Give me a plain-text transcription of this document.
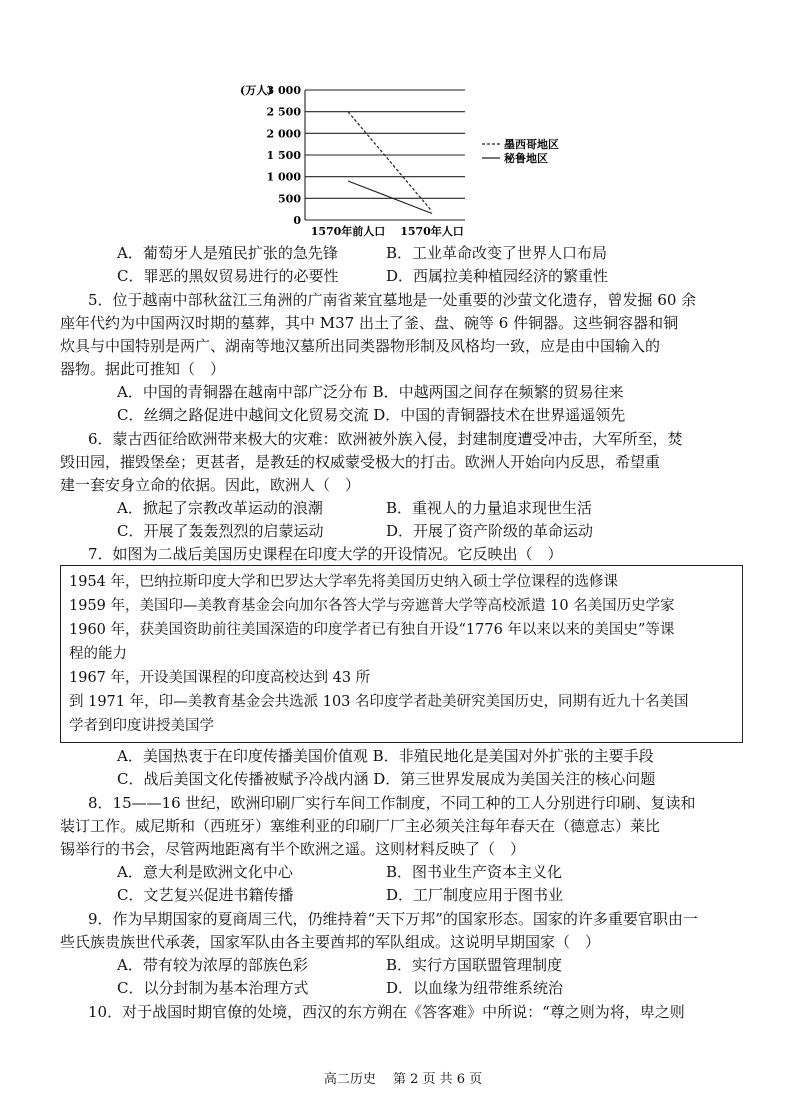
(万人)
3 000
2 500
2 000
1 500
1 000
500
0
1570年前人口 1570年人口
墨西哥地区
秘鲁地区
A．葡萄牙人是殖民扩张的急先锋	B．工业革命改变了世界人口布局
C．罪恶的黑奴贸易进行的必要性	D．西属拉美种植园经济的繁重性
5．位于越南中部秋盆江三角洲的广南省莱宜墓地是一处重要的沙萤文化遗存，曾发掘 60 余
座年代约为中国两汉时期的墓葬，其中 M37 出土了釜、盘、碗等 6 件铜器。这些铜容器和铜
炊具与中国特别是两广、湖南等地汉墓所出同类器物形制及风格均一致，应是由中国输入的
器物。据此可推知（　）
A．中国的青铜器在越南中部广泛分布 B．中越两国之间存在频繁的贸易往来
C．丝绸之路促进中越间文化贸易交流 D．中国的青铜器技术在世界遥遥领先
6．蒙古西征给欧洲带来极大的灾难：欧洲被外族入侵，封建制度遭受冲击，大军所至，焚
毁田园，摧毁堡垒；更甚者，是教廷的权威蒙受极大的打击。欧洲人开始向内反思，希望重
建一套安身立命的依据。因此，欧洲人（　）
A．掀起了宗教改革运动的浪潮	B．重视人的力量追求现世生活
C．开展了轰轰烈烈的启蒙运动	D．开展了资产阶级的革命运动
7．如图为二战后美国历史课程在印度大学的开设情况。它反映出（　）
1954 年，巴纳拉斯印度大学和巴罗达大学率先将美国历史纳入硕士学位课程的选修课
1959 年，美国印—美教育基金会向加尔各答大学与旁遮普大学等高校派遣 10 名美国历史学家
1960 年，获美国资助前往美国深造的印度学者已有独自开设“1776 年以来以来的美国史”等课
程的能力
1967 年，开设美国课程的印度高校达到 43 所
到 1971 年，印—美教育基金会共选派 103 名印度学者赴美研究美国历史，同期有近九十名美国
学者到印度讲授美国学
A．美国热衷于在印度传播美国价值观 B．非殖民地化是美国对外扩张的主要手段
C．战后美国文化传播被赋予冷战内涵 D．第三世界发展成为美国关注的核心问题
8．15——16 世纪，欧洲印刷厂实行车间工作制度，不同工种的工人分别进行印刷、复读和
装订工作。威尼斯和（西班牙）塞维利亚的印刷厂厂主必须关注每年春天在（德意志）莱比
锡举行的书会，尽管两地距离有半个欧洲之遥。这则材料反映了（　）
A．意大利是欧洲文化中心	B．图书业生产资本主义化
C．文艺复兴促进书籍传播	D．工厂制度应用于图书业
9．作为早期国家的夏商周三代，仍维持着“天下万邦”的国家形态。国家的许多重要官职由一
些氏族贵族世代承袭，国家军队由各主要酋邦的军队组成。这说明早期国家（　）
A．带有较为浓厚的部族色彩	B．实行方国联盟管理制度
C．以分封制为基本治理方式	D．以血缘为纽带维系统治
10．对于战国时期官僚的处境，西汉的东方朔在《答客难》中所说：“尊之则为将，卑之则
高二历史　 第 2 页 共 6 页
